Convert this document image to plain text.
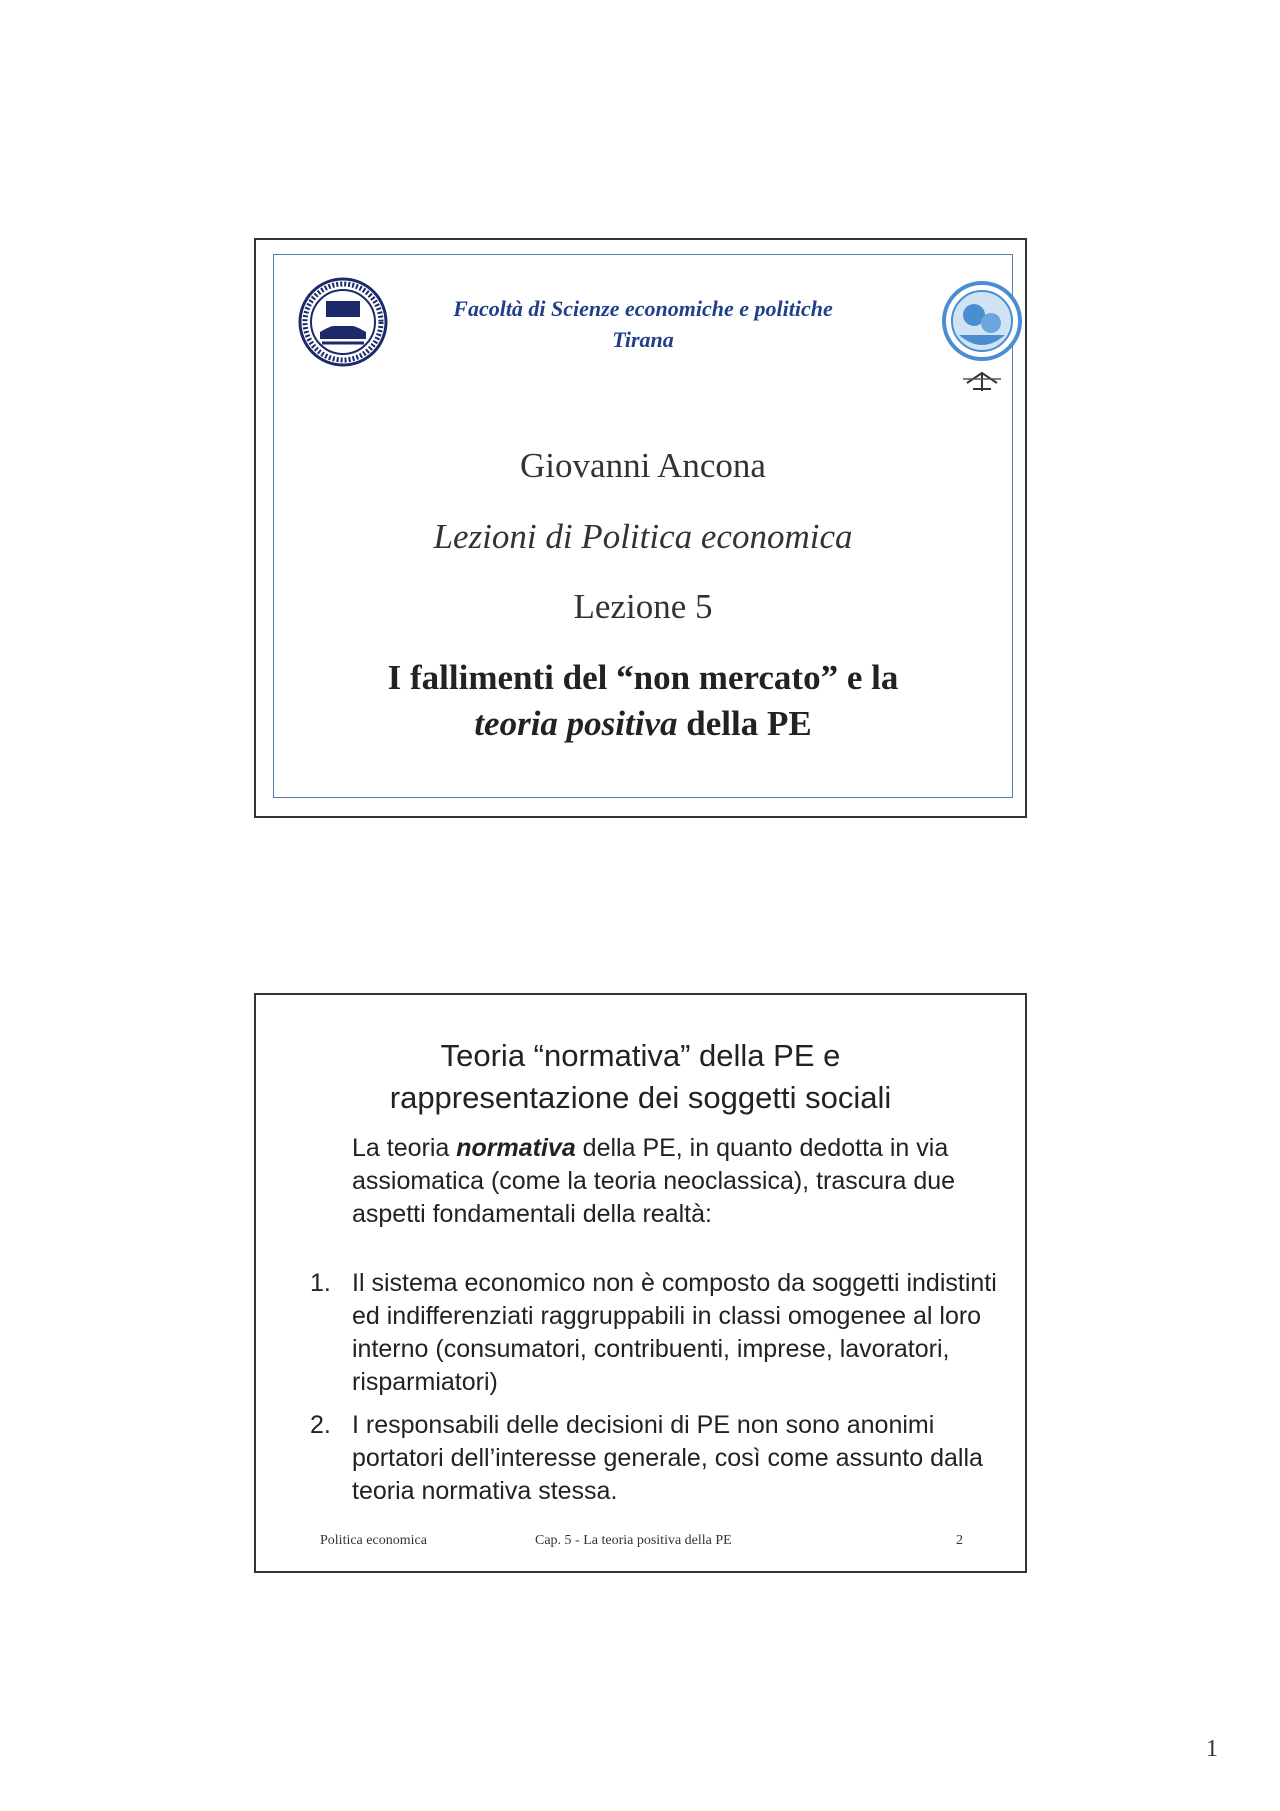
Facoltà di Scienze economiche e politiche
Tirana
Giovanni Ancona
Lezioni di Politica economica
Lezione 5
I fallimenti del “non mercato” e la
teoria positiva della PE
Teoria “normativa” della PE e
rappresentazione dei soggetti sociali
La teoria normativa della PE, in quanto dedotta in via assiomatica (come la teoria neoclassica), trascura due aspetti fondamentali della realtà:
1. Il sistema economico non è composto da soggetti indistinti ed indifferenziati raggruppabili in classi omogenee al loro interno (consumatori, contribuenti, imprese, lavoratori, risparmiatori)
2. I responsabili delle decisioni di PE non sono anonimi portatori dell’interesse generale, così come assunto dalla teoria normativa stessa.
Politica economica	Cap. 5 - La teoria positiva della PE	2
1
